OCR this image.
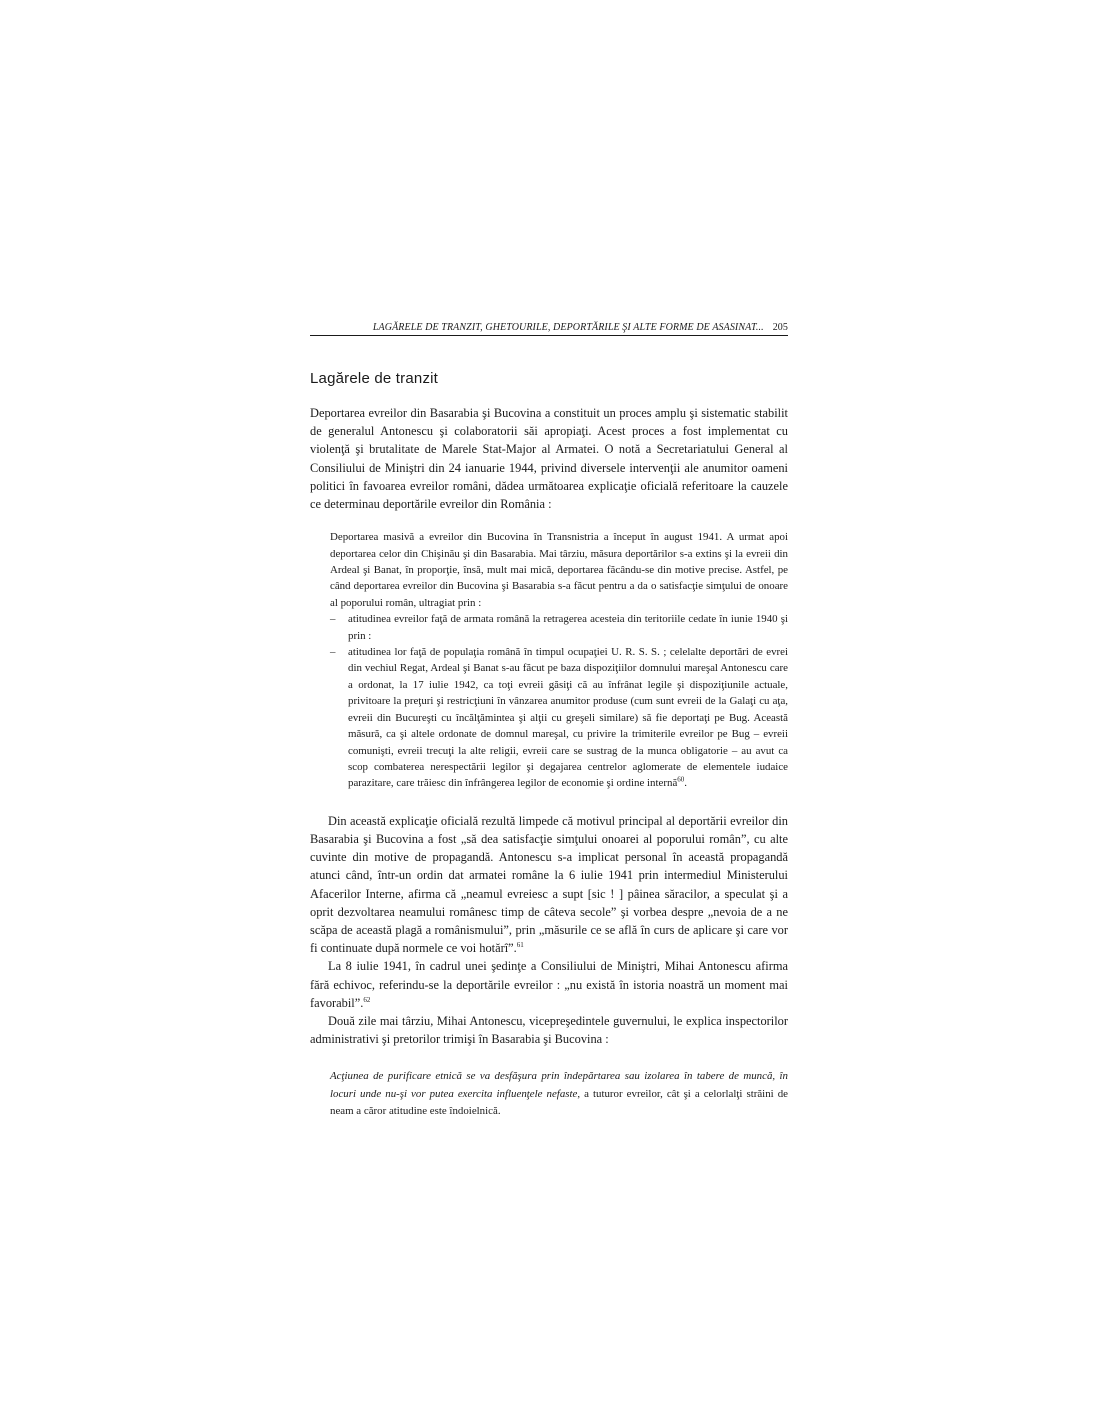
LAGĂRELE DE TRANZIT, GHETOURILE, DEPORTĂRILE ŞI ALTE FORME DE ASASINAT... 205
Lagărele de tranzit

Deportarea evreilor din Basarabia şi Bucovina a constituit un proces amplu şi sistematic stabilit de generalul Antonescu şi colaboratorii săi apropiaţi. Acest proces a fost implementat cu violenţă şi brutalitate de Marele Stat-Major al Armatei. O notă a Secretariatului General al Consiliului de Miniştri din 24 ianuarie 1944, privind diversele intervenţii ale anumitor oameni politici în favoarea evreilor români, dădea următoarea explicaţie oficială referitoare la cauzele ce determinau deportările evreilor din România :

Deportarea masivă a evreilor din Bucovina în Transnistria a început în august 1941. A urmat apoi deportarea celor din Chişinău şi din Basarabia. Mai târziu, măsura deportărilor s-a extins şi la evreii din Ardeal şi Banat, în proporţie, însă, mult mai mică, deportarea făcându-se din motive precise. Astfel, pe când deportarea evreilor din Bucovina şi Basarabia s-a făcut pentru a da o satisfacţie simţului de onoare al poporului român, ultragiat prin :

– atitudinea evreilor faţă de armata română la retragerea acesteia din teritoriile cedate în iunie 1940 şi prin :
– atitudinea lor faţă de populaţia română în timpul ocupaţiei U. R. S. S. ; celelalte deportări de evrei din vechiul Regat, Ardeal şi Banat s-au făcut pe baza dispoziţiilor domnului mareşal Antonescu care a ordonat, la 17 iulie 1942, ca toţi evreii găsiţi că au înfrânat legile şi dispoziţiunile actuale, privitoare la preţuri şi restricţiuni în vânzarea anumitor produse (cum sunt evreii de la Galaţi cu aţa, evreii din Bucureşti cu încălţămintea şi alţii cu greşeli similare) să fie deportaţi pe Bug. Această măsură, ca şi altele ordonate de domnul mareşal, cu privire la trimiterile evreilor pe Bug – evreii comunişti, evreii trecuţi la alte religii, evreii care se sustrag de la munca obligatorie – au avut ca scop combaterea nerespectării legilor şi degajarea centrelor aglomerate de elementele iudaice parazitare, care trăiesc din înfrângerea legilor de economie şi ordine internă$^{60}$.

Din această explicaţie oficială rezultă limpede că motivul principal al deportării evreilor din Basarabia şi Bucovina a fost „să dea satisfacţie simţului onoarei al poporului român”, cu alte cuvinte din motive de propagandă. Antonescu s-a implicat personal în această propagandă atunci când, într-un ordin dat armatei române la 6 iulie 1941 prin intermediul Ministerului Afacerilor Interne, afirma că „neamul evreiesc a supt [sic ! ] pâinea săracilor, a speculat şi a oprit dezvoltarea neamului românesc timp de câteva secole” şi vorbea despre „nevoia de a ne scăpa de această plagă a românismului”, prin „măsurile ce se află în curs de aplicare şi care vor fi continuate după normele ce voi hotărî”.$^{61}$

La 8 iulie 1941, în cadrul unei şedinţe a Consiliului de Miniştri, Mihai Antonescu afirma fără echivoc, referindu-se la deportările evreilor : „nu există în istoria noastră un moment mai favorabil”.$^{62}$

Două zile mai târziu, Mihai Antonescu, vicepreşedintele guvernului, le explica inspectorilor administrativi şi pretorilor trimişi în Basarabia şi Bucovina :

Acţiunea de purificare etnică se va desfăşura prin îndepărtarea sau izolarea în tabere de muncă, în locuri unde nu-şi vor putea exercita influenţele nefaste, a tuturor evreilor, cât şi a celorlalţi străini de neam a căror atitudine este îndoielnică.
